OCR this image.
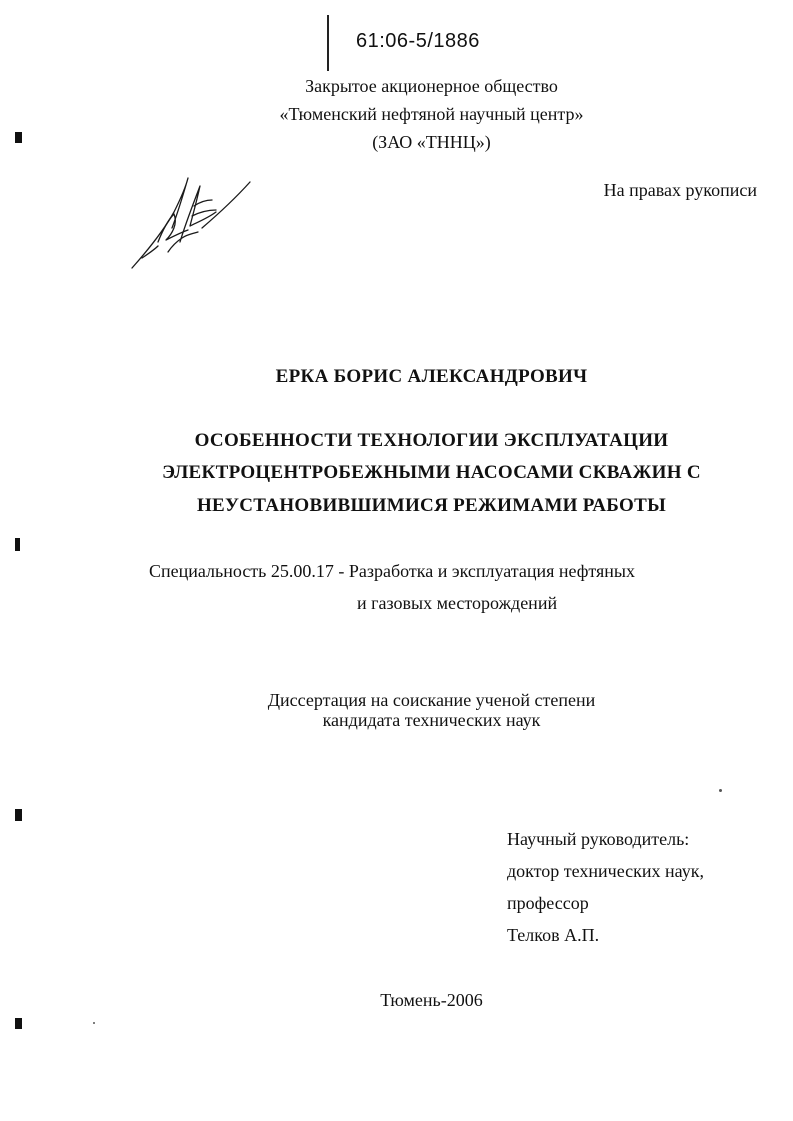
61:06-5/1886
Закрытое акционерное общество
«Тюменский нефтяной научный центр»
(ЗАО «ТННЦ»)
На правах рукописи
ЕРКА БОРИС АЛЕКСАНДРОВИЧ
ОСОБЕННОСТИ ТЕХНОЛОГИИ ЭКСПЛУАТАЦИИ
ЭЛЕКТРОЦЕНТРОБЕЖНЫМИ НАСОСАМИ СКВАЖИН С
НЕУСТАНОВИВШИМИСЯ РЕЖИМАМИ РАБОТЫ
Специальность 25.00.17 - Разработка и эксплуатация нефтяных
и газовых месторождений
Диссертация на соискание ученой степени
кандидата технических наук
Научный руководитель:
доктор технических наук,
профессор
Телков А.П.
Тюмень-2006
